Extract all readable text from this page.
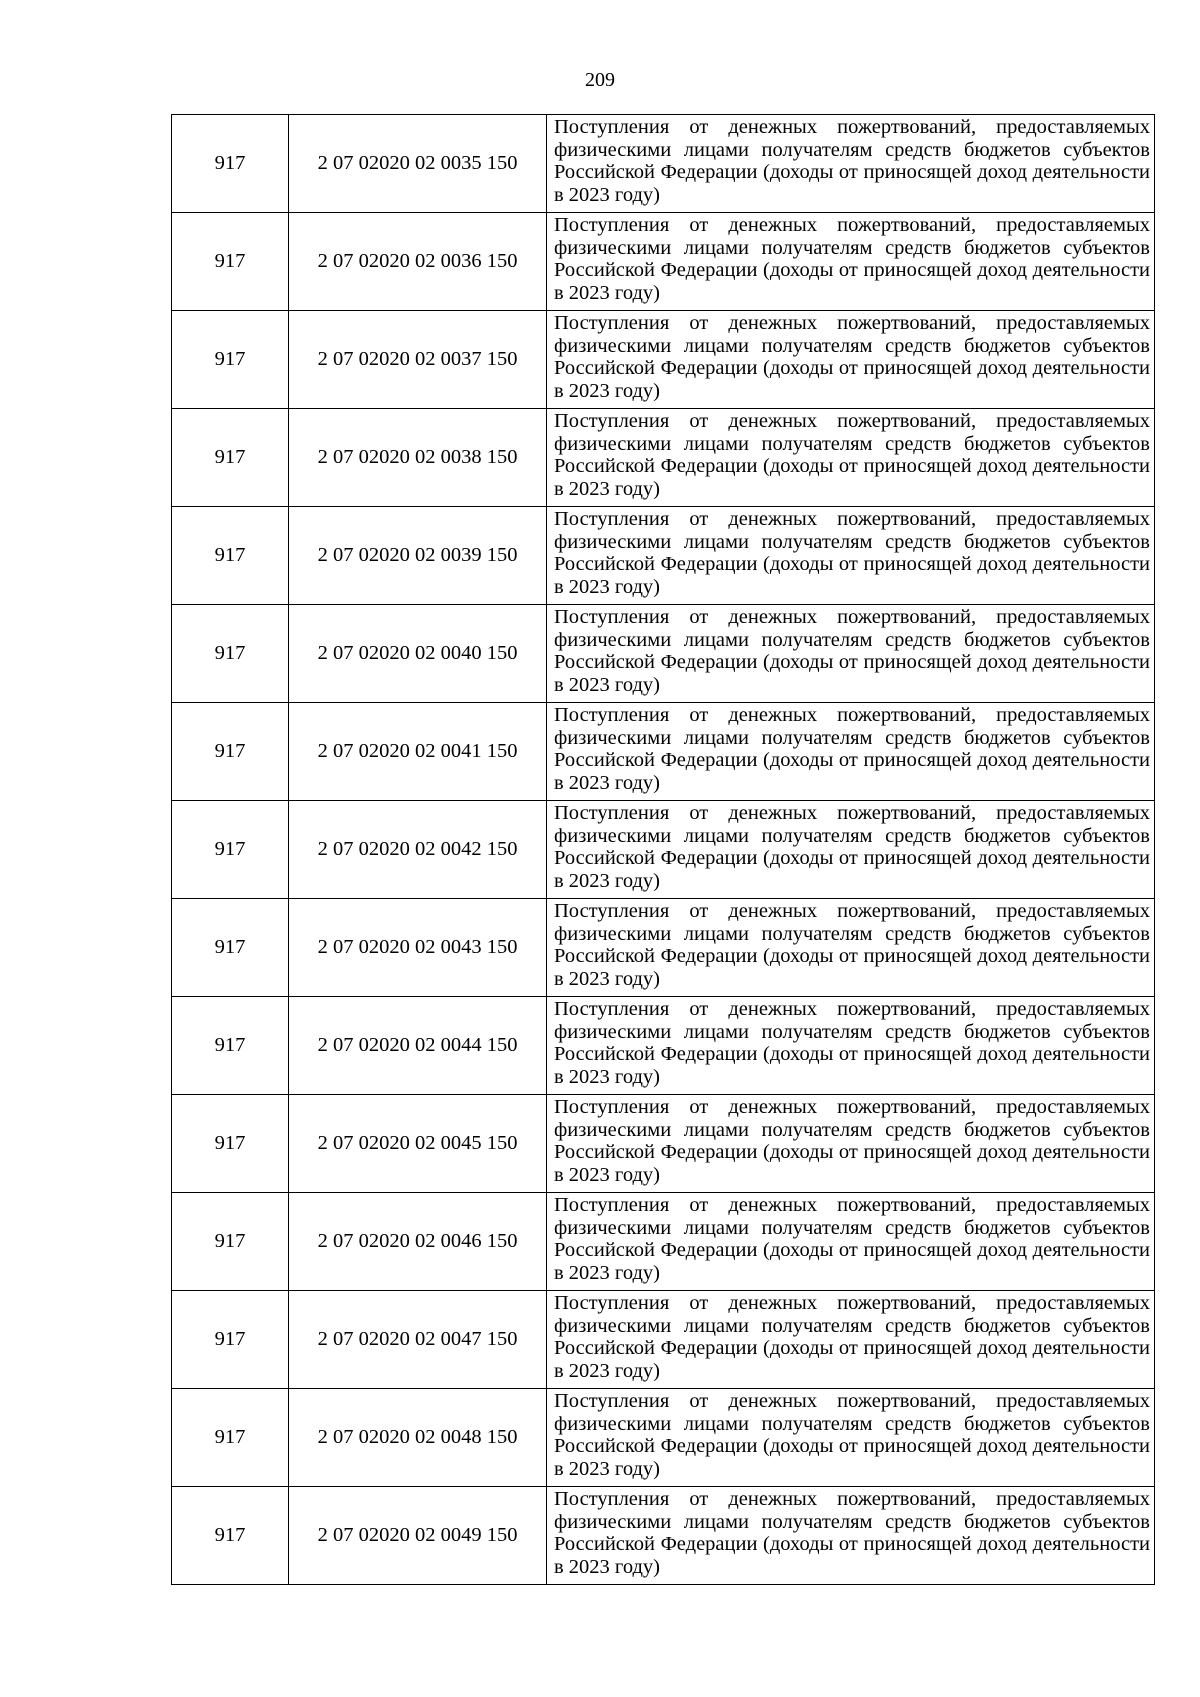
209
917	2 07 02020 02 0035 150	Поступления от денежных пожертвований, предоставляемых физическими лицами получателям средств бюджетов субъектов Российской Федерации (доходы от приносящей доход деятельности в 2023 году)
917	2 07 02020 02 0036 150	Поступления от денежных пожертвований, предоставляемых физическими лицами получателям средств бюджетов субъектов Российской Федерации (доходы от приносящей доход деятельности в 2023 году)
917	2 07 02020 02 0037 150	Поступления от денежных пожертвований, предоставляемых физическими лицами получателям средств бюджетов субъектов Российской Федерации (доходы от приносящей доход деятельности в 2023 году)
917	2 07 02020 02 0038 150	Поступления от денежных пожертвований, предоставляемых физическими лицами получателям средств бюджетов субъектов Российской Федерации (доходы от приносящей доход деятельности в 2023 году)
917	2 07 02020 02 0039 150	Поступления от денежных пожертвований, предоставляемых физическими лицами получателям средств бюджетов субъектов Российской Федерации (доходы от приносящей доход деятельности в 2023 году)
917	2 07 02020 02 0040 150	Поступления от денежных пожертвований, предоставляемых физическими лицами получателям средств бюджетов субъектов Российской Федерации (доходы от приносящей доход деятельности в 2023 году)
917	2 07 02020 02 0041 150	Поступления от денежных пожертвований, предоставляемых физическими лицами получателям средств бюджетов субъектов Российской Федерации (доходы от приносящей доход деятельности в 2023 году)
917	2 07 02020 02 0042 150	Поступления от денежных пожертвований, предоставляемых физическими лицами получателям средств бюджетов субъектов Российской Федерации (доходы от приносящей доход деятельности в 2023 году)
917	2 07 02020 02 0043 150	Поступления от денежных пожертвований, предоставляемых физическими лицами получателям средств бюджетов субъектов Российской Федерации (доходы от приносящей доход деятельности в 2023 году)
917	2 07 02020 02 0044 150	Поступления от денежных пожертвований, предоставляемых физическими лицами получателям средств бюджетов субъектов Российской Федерации (доходы от приносящей доход деятельности в 2023 году)
917	2 07 02020 02 0045 150	Поступления от денежных пожертвований, предоставляемых физическими лицами получателям средств бюджетов субъектов Российской Федерации (доходы от приносящей доход деятельности в 2023 году)
917	2 07 02020 02 0046 150	Поступления от денежных пожертвований, предоставляемых физическими лицами получателям средств бюджетов субъектов Российской Федерации (доходы от приносящей доход деятельности в 2023 году)
917	2 07 02020 02 0047 150	Поступления от денежных пожертвований, предоставляемых физическими лицами получателям средств бюджетов субъектов Российской Федерации (доходы от приносящей доход деятельности в 2023 году)
917	2 07 02020 02 0048 150	Поступления от денежных пожертвований, предоставляемых физическими лицами получателям средств бюджетов субъектов Российской Федерации (доходы от приносящей доход деятельности в 2023 году)
917	2 07 02020 02 0049 150	Поступления от денежных пожертвований, предоставляемых физическими лицами получателям средств бюджетов субъектов Российской Федерации (доходы от приносящей доход деятельности в 2023 году)
